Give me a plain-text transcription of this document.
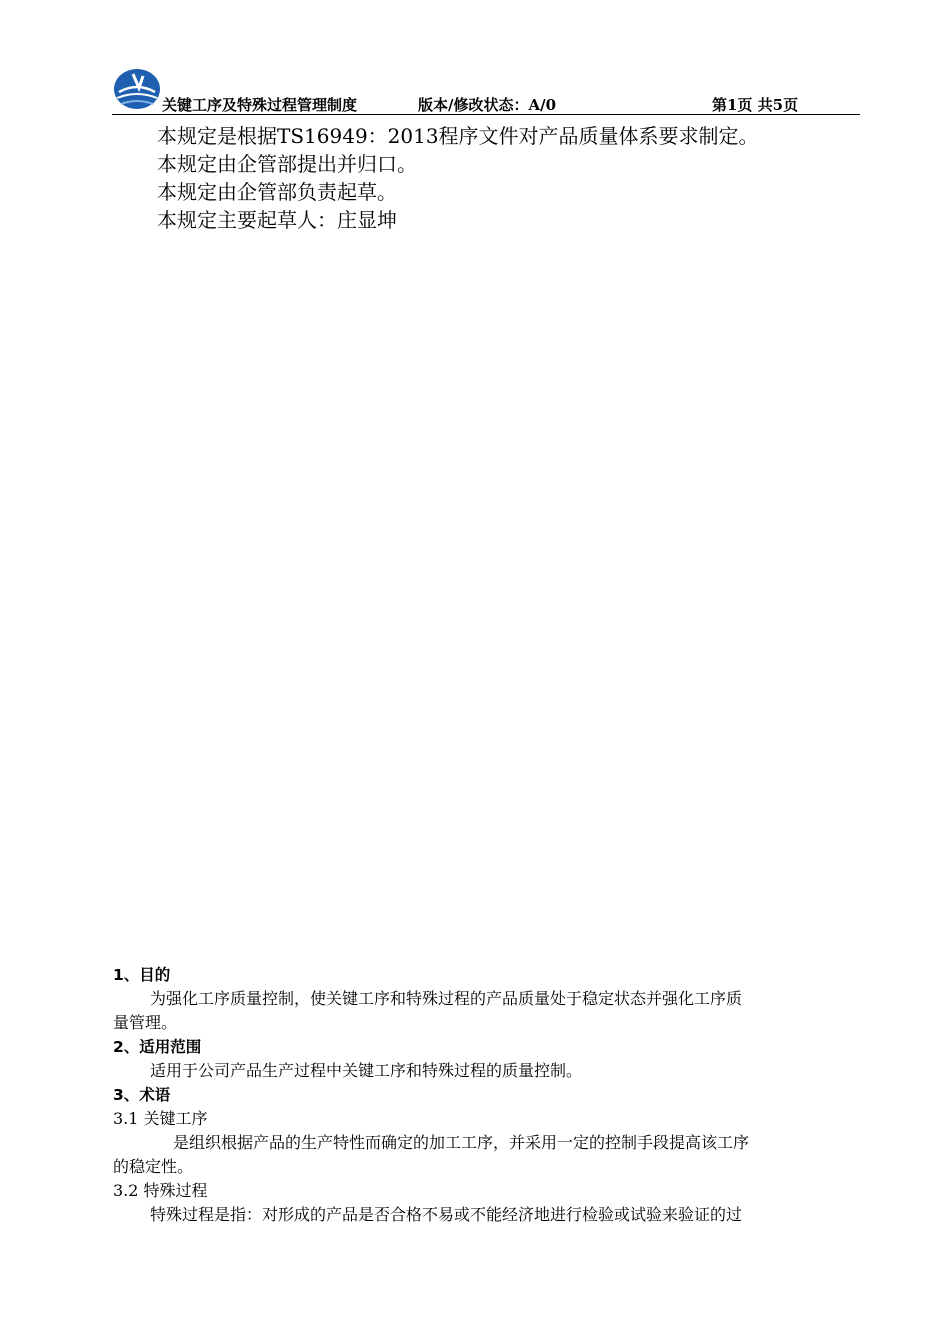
关键工序及特殊过程管理制度	版本/修改状态：A/0	第1页 共5页
本规定是根据TS16949：2013程序文件对产品质量体系要求制定。
本规定由企管部提出并归口。
本规定由企管部负责起草。
本规定主要起草人：庄显坤
1、目的
为强化工序质量控制，使关键工序和特殊过程的产品质量处于稳定状态并强化工序质
量管理。
2、适用范围
适用于公司产品生产过程中关键工序和特殊过程的质量控制。
3、术语
3.1 关键工序
是组织根据产品的生产特性而确定的加工工序，并采用一定的控制手段提高该工序
的稳定性。
3.2 特殊过程
特殊过程是指：对形成的产品是否合格不易或不能经济地进行检验或试验来验证的过
